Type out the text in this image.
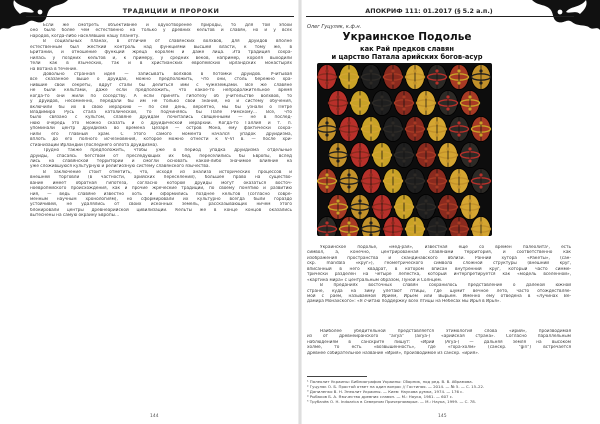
ТРАДИЦИИ И ПРОРОКИ	АПОКРИФ 111: 01.2017 (§ 5.2 a.п.)
Если же смотреть объективнее и одухотворенее природы, то для той эпохи
оно было более чем естественно на только у древних кельтов и славян, но и у всех
народов, когда-либо населявших нашу планету.
В социальных планах, в отличие от славянских волхвов, для друидов вполне
естественным был жёсткий контроль над функциями высшей власти, к тому же, в
Британии, и отношение функций жреца королём и даже лица. Эта традиция сохра-
нилась у поздних кельтов и, к примеру, у средних веков, например, короля выходили
тели как в языческих, так и в христианских европейских ирландских монастырях
на Вотана в течение.
Довольно странная идея — записывать волхвов в потомки друидов. Учитывая
всё сказанное выше о друидах, можно предположить, что они, столь бережно хра-
нившие свои секреты, вдруг стали бы делиться ими с чужеземцами. Всё же славяне
не были кельтами, даже если предположить, что какое-то непродолжительное время
когда-то они жили по соседству. А если принять гипотезу об учительстве волхвов, то
у друидов, несомненно, передали бы им не только свои знания, но и систему обучения,
включили бы их в свою иерархию — по сей день, вероятно, мы бы узнали о Петре
Владимира Русь стала католической, то подчиняясь бы Папе Римскому… Всё, что
было связано с культом, славяне друидам почитались священными — не в послед-
нюю очередь это можно сказать и о друидической иерархии. Когда-то Галлия и т. п.
упоминали центр друидизма во времена Цезаря — остров Мона, ему фактически сохра-
нили его главный храм. С этого самого момента начался упадок друидизма,
вплоть до его полного исчезновения, которое можно отнести к V–VI в. — после хри-
стианизации Ирландии (последнего оплота друидизма).
Трудно также предположить, чтобы уже в период упадка друидизма отдельные
друиды, спасаясь бегством от преследующих их бед, переселились бы Европы, вслед
лись на славянской территории и смогли основать какой-либо значимое влияние на
уже сложившуюся культурную и религиозную систему славянского язычества.
В заключение стоит отметить, что, исходя из анализа исторических процессов и
внешней торговли (в частности, арийских переселений), большее право на существо-
вание имеет обратная гипотеза, согласно которой друиды могут оказаться восточ-
ноевропейского происхождения, как и прочие жреческие традиции, по своему понятию и развитию
ния, — ведь славяне известно хоть и оформились позднее кельтов (согласно совре-
менным научным хронологиям), но сформировали их культурно всегда были гораздо
устойчивей, не удалялись от своих исконных земель, рассказывающих ничем этого
блокировали центры древнеарийской цивилизации. Кельты же в конце концов оказались
вытеснены на самую окраину Европы…
Олег Гуцуляк, к.ф.н.
Украинское Подолье
как Рай предков славян
и царство Патала арийских богов-асур
Украинское подолье, «мёд-рая», известная ещё со времён палеолита¹, есть
символ, а, конечно, центрированная славянами территория, и соответственно как
изображения пространства и скандинавского вблизи. Ранний хутора «Ракеты», (сан-
скр. mandala «круг»), геометрического символа сложной структуры (внешний круг,
вписанный в него квадрат, в котором вписан внутренний круг, который часто симме-
трически разделён на четыре лепестка, который интерпретируется как «модель вселенной»,
«картина мира» с центральным образом, Луной и Солнцем.
В преданиях восточных славян сохранилось представление о далёкой южной
стране, куда на зиму улетают птицы, где шумит вечное лето, часто отождествляе-
мой с раем, называемой Ирием, Ирьем или Вырьем. Именно ему отведена в «Лучинах Ве-
дамира Монахского»: «Я считаю поддержку всех птицы на Небесах мы Ирья в Ирья».
Наиболее убедительной представляется этимология слова «ирий», производимая
из от древнеиранского "airya" (airya-) «арийская страна». Согласно параллельным
наблюдениям в санскрите пишут: «Ирий (Arya-) — дальняя земля на высоком
холме, то есть «возвышенность», где «гора-холм» (санскр. "giri") встречается
древнее собирательное название «Ирия», производимое из санскр. «ирия».
¹ Палеолит Украины: Библиография Украины: Сборник, под ред. В. В. Абрамова.
² Гуцуляк О. Б. Простой ответ на один вопрос // Гостиная. — 2014. — № 5. — С. 15–22.
³ Даниленко В. Н. Энеолит Украины. — Киев: Наукова думка, 1974. — 176 с.
⁴ Рыбаков Б. А. Язычество древних славян. — М.: Наука, 1981. — 607 с.
⁵ Трубачёв О. Н. Indoarica в Северном Причерноморье. — М.: Наука, 1999. — С. 78.
144	145
